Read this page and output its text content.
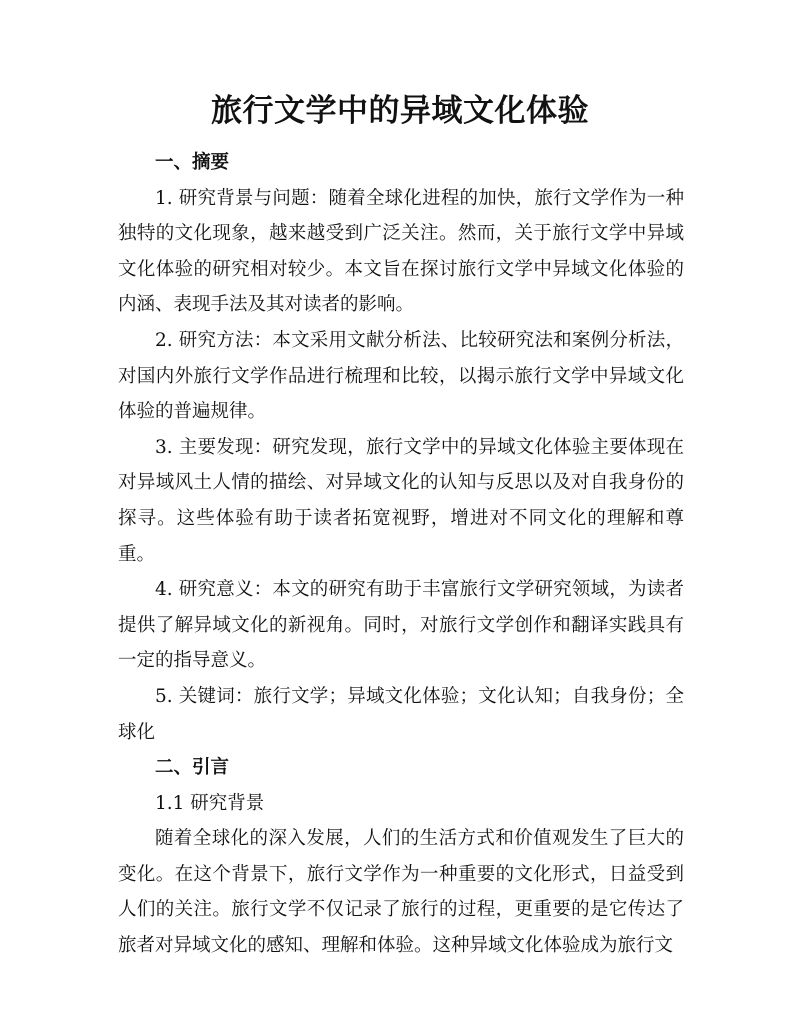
旅行文学中的异域文化体验

一、摘要

1. 研究背景与问题：随着全球化进程的加快，旅行文学作为一种独特的文化现象，越来越受到广泛关注。然而，关于旅行文学中异域文化体验的研究相对较少。本文旨在探讨旅行文学中异域文化体验的内涵、表现手法及其对读者的影响。

2. 研究方法：本文采用文献分析法、比较研究法和案例分析法，对国内外旅行文学作品进行梳理和比较，以揭示旅行文学中异域文化体验的普遍规律。

3. 主要发现：研究发现，旅行文学中的异域文化体验主要体现在对异域风土人情的描绘、对异域文化的认知与反思以及对自我身份的探寻。这些体验有助于读者拓宽视野，增进对不同文化的理解和尊重。

4. 研究意义：本文的研究有助于丰富旅行文学研究领域，为读者提供了解异域文化的新视角。同时，对旅行文学创作和翻译实践具有一定的指导意义。

5. 关键词：旅行文学；异域文化体验；文化认知；自我身份；全球化

二、引言

1.1 研究背景

随着全球化的深入发展，人们的生活方式和价值观发生了巨大的变化。在这个背景下，旅行文学作为一种重要的文化形式，日益受到人们的关注。旅行文学不仅记录了旅行的过程，更重要的是它传达了旅者对异域文化的感知、理解和体验。这种异域文化体验成为旅行文
